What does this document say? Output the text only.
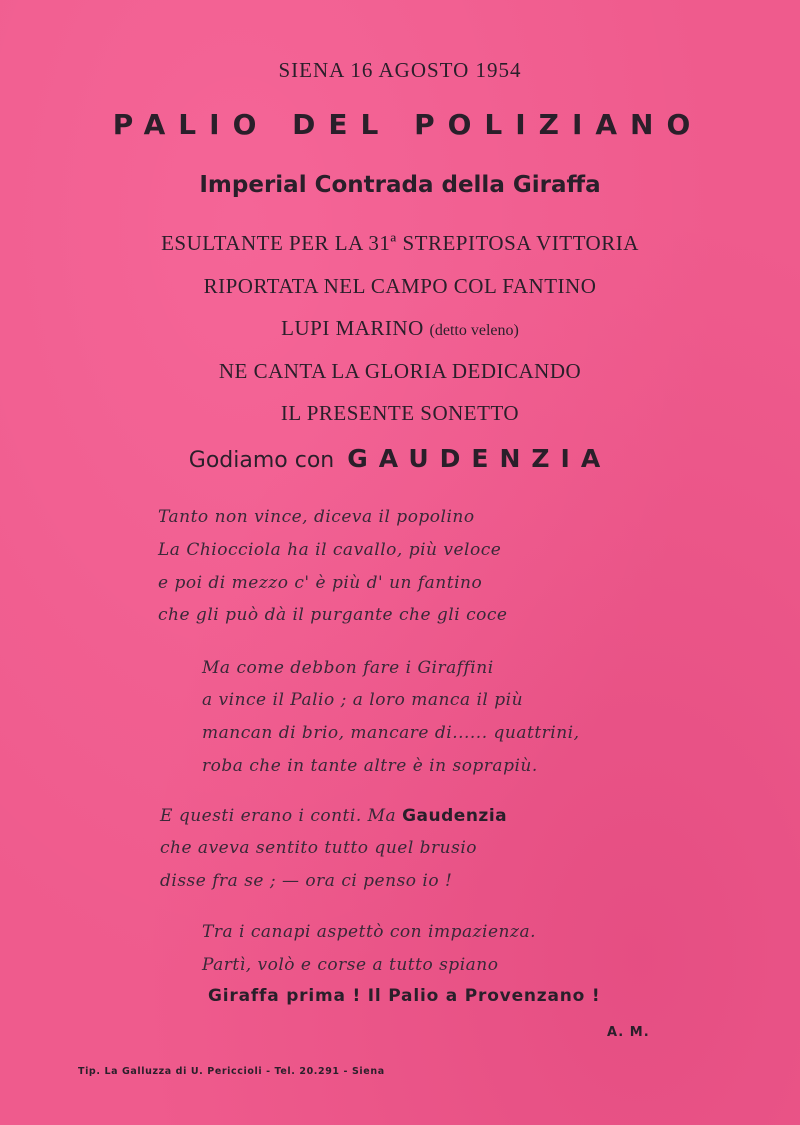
SIENA 16 AGOSTO 1954
PALIO DEL POLIZIANO
Imperial Contrada della Giraffa
ESULTANTE PER LA 31ª STREPITOSA VITTORIA
RIPORTATA NEL CAMPO COL FANTINO
LUPI MARINO (detto veleno)
NE CANTA LA GLORIA DEDICANDO
IL PRESENTE SONETTO
Godiamo con GAUDENZIA
Tanto non vince, diceva il popolino
La Chiocciola ha il cavallo, più veloce
e poi di mezzo c' è più d' un fantino
che gli può dà il purgante che gli coce
Ma come debbon fare i Giraffini
a vince il Palio ; a loro manca il più
mancan di brio, mancare di...... quattrini,
roba che in tante altre è in soprapiù.
E questi erano i conti. Ma Gaudenzia
che aveva sentito tutto quel brusio
disse fra se ; — ora ci penso io !
Tra i canapi aspettò con impazienza.
Partì, volò e corse a tutto spiano
Giraffa prima ! Il Palio a Provenzano !
A. M.
Tip. La Galluzza di U. Periccioli - Tel. 20.291 - Siena
